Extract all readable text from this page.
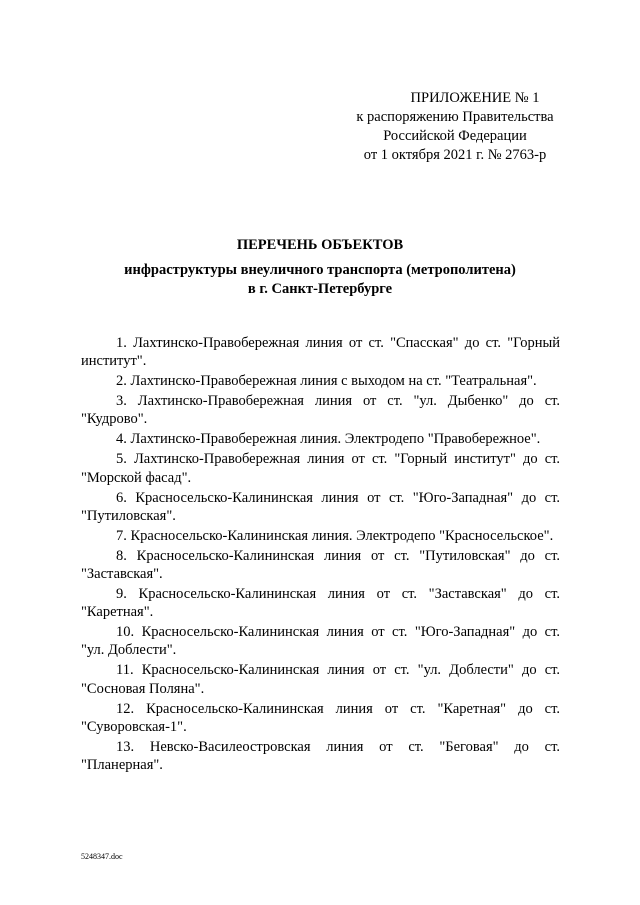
ПРИЛОЖЕНИЕ № 1
к распоряжению Правительства
Российской Федерации
от 1 октября 2021 г. № 2763-р
ПЕРЕЧЕНЬ ОБЪЕКТОВ
инфраструктуры внеуличного транспорта (метрополитена)
в г. Санкт-Петербурге

1. Лахтинско-Правобережная линия от ст. "Спасская" до ст. "Горный институт".

2. Лахтинско-Правобережная линия с выходом на ст. "Театральная".

3. Лахтинско-Правобережная линия от ст. "ул. Дыбенко" до ст. "Кудрово".

4. Лахтинско-Правобережная линия. Электродепо "Правобережное".

5. Лахтинско-Правобережная линия от ст. "Горный институт" до ст. "Морской фасад".

6. Красносельско-Калининская линия от ст. "Юго-Западная" до ст. "Путиловская".

7. Красносельско-Калининская линия. Электродепо "Красносельское".

8. Красносельско-Калининская линия от ст. "Путиловская" до ст. "Заставская".

9. Красносельско-Калининская линия от ст. "Заставская" до ст. "Каретная".

10. Красносельско-Калининская линия от ст. "Юго-Западная" до ст. "ул. Доблести".

11. Красносельско-Калининская линия от ст. "ул. Доблести" до ст. "Сосновая Поляна".

12. Красносельско-Калининская линия от ст. "Каретная" до ст. "Суворовская-1".

13. Невско-Василеостровская линия от ст. "Беговая" до ст. "Планерная".

5248347.doc
